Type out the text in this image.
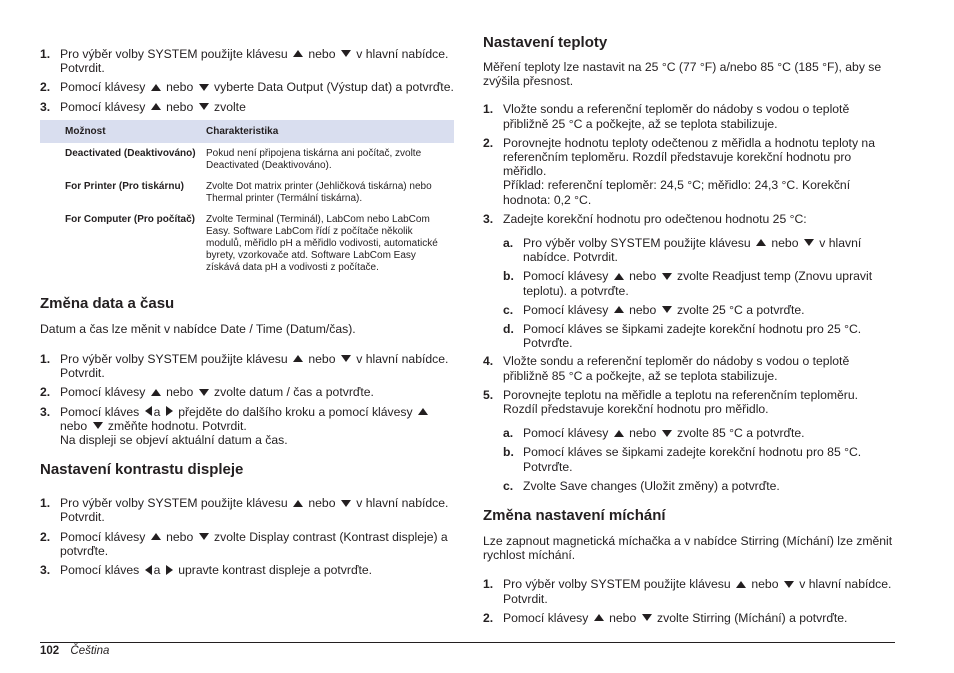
1. Pro výběr volby SYSTEM použijte klávesu  nebo  v hlavní nabídce. Potvrdit.
2. Pomocí klávesy  nebo  vyberte Data Output (Výstup dat) a potvrďte.
3. Pomocí klávesy  nebo  zvolte
Možnost	Charakteristika
Deactivated (Deaktivováno)	Pokud není připojena tiskárna ani počítač, zvolte Deactivated (Deaktivováno).
For Printer (Pro tiskárnu)	Zvolte Dot matrix printer (Jehličková tiskárna) nebo Thermal printer (Termální tiskárna).
For Computer (Pro počítač)	Zvolte Terminal (Terminál), LabCom nebo LabCom Easy. Software LabCom řídí z počítače několik modulů, měřidlo pH a měřidlo vodivosti, automatické byrety, vzorkovače atd. Software LabCom Easy získává data pH a vodivosti z počítače.
Změna data a času

Datum a čas lze měnit v nabídce Date / Time (Datum/čas).

1. Pro výběr volby SYSTEM použijte klávesu  nebo  v hlavní nabídce. Potvrdit.
2. Pomocí klávesy  nebo  zvolte datum / čas a potvrďte.
3. Pomocí kláves a  přejděte do dalšího kroku a pomocí klávesy  nebo  změňte hodnotu. Potvrdit.
Na displeji se objeví aktuální datum a čas.
Nastavení kontrastu displeje
1. Pro výběr volby SYSTEM použijte klávesu  nebo  v hlavní nabídce. Potvrdit.
2. Pomocí klávesy  nebo  zvolte Display contrast (Kontrast displeje) a potvrďte.
3. Pomocí kláves a  upravte kontrast displeje a potvrďte.
Nastavení teploty

Měření teploty lze nastavit na 25 °C (77 °F) a/nebo 85 °C (185 °F), aby se zvýšila přesnost.

1. Vložte sondu a referenční teploměr do nádoby s vodou o teplotě přibližně 25 °C a počkejte, až se teplota stabilizuje.
2. Porovnejte hodnotu teploty odečtenou z měřidla a hodnotu teploty na referenčním teploměru. Rozdíl představuje korekční hodnotu pro měřidlo.
Příklad: referenční teploměr: 24,5 °C; měřidlo: 24,3 °C. Korekční hodnota: 0,2 °C.
3. Zadejte korekční hodnotu pro odečtenou hodnotu 25 °C:
a. Pro výběr volby SYSTEM použijte klávesu  nebo  v hlavní nabídce. Potvrdit.
b. Pomocí klávesy  nebo  zvolte Readjust temp (Znovu upravit teplotu). a potvrďte.
c. Pomocí klávesy  nebo  zvolte 25 °C a potvrďte.
d. Pomocí kláves se šipkami zadejte korekční hodnotu pro 25 °C. Potvrďte.
4. Vložte sondu a referenční teploměr do nádoby s vodou o teplotě přibližně 85 °C a počkejte, až se teplota stabilizuje.
5. Porovnejte teplotu na měřidle a teplotu na referenčním teploměru. Rozdíl představuje korekční hodnotu pro měřidlo.
a. Pomocí klávesy  nebo  zvolte 85 °C a potvrďte.
b. Pomocí kláves se šipkami zadejte korekční hodnotu pro 85 °C. Potvrďte.
c. Zvolte Save changes (Uložit změny) a potvrďte.
Změna nastavení míchání

Lze zapnout magnetická míchačka a v nabídce Stirring (Míchání) lze změnit rychlost míchání.

1. Pro výběr volby SYSTEM použijte klávesu  nebo  v hlavní nabídce. Potvrdit.
2. Pomocí klávesy  nebo  zvolte Stirring (Míchání) a potvrďte.
102 Čeština
